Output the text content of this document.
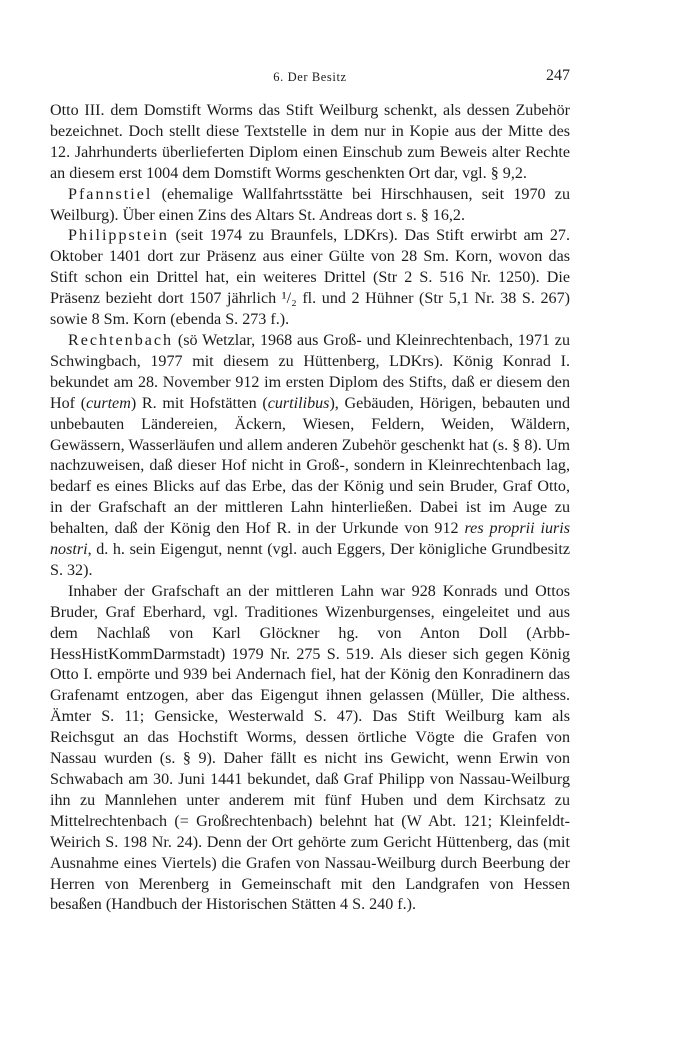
6. Der Besitz	247

Otto III. dem Domstift Worms das Stift Weilburg schenkt, als dessen Zubehör bezeichnet. Doch stellt diese Textstelle in dem nur in Kopie aus der Mitte des 12. Jahrhunderts überlieferten Diplom einen Einschub zum Beweis alter Rechte an diesem erst 1004 dem Domstift Worms geschenkten Ort dar, vgl. § 9,2.

Pfannstiel (ehemalige Wallfahrtsstätte bei Hirschhausen, seit 1970 zu Weilburg). Über einen Zins des Altars St. Andreas dort s. § 16,2.

Philippstein (seit 1974 zu Braunfels, LDKrs). Das Stift erwirbt am 27. Oktober 1401 dort zur Präsenz aus einer Gülte von 28 Sm. Korn, wovon das Stift schon ein Drittel hat, ein weiteres Drittel (Str 2 S. 516 Nr. 1250). Die Präsenz bezieht dort 1507 jährlich ¹/₂ fl. und 2 Hühner (Str 5,1 Nr. 38 S. 267) sowie 8 Sm. Korn (ebenda S. 273 f.).

Rechtenbach (sö Wetzlar, 1968 aus Groß- und Kleinrechtenbach, 1971 zu Schwingbach, 1977 mit diesem zu Hüttenberg, LDKrs). König Konrad I. bekundet am 28. November 912 im ersten Diplom des Stifts, daß er diesem den Hof (curtem) R. mit Hofstätten (curtilibus), Gebäuden, Hörigen, bebauten und unbebauten Ländereien, Äckern, Wiesen, Feldern, Weiden, Wäldern, Gewässern, Wasserläufen und allem anderen Zubehör geschenkt hat (s. § 8). Um nachzuweisen, daß dieser Hof nicht in Groß-, sondern in Kleinrechtenbach lag, bedarf es eines Blicks auf das Erbe, das der König und sein Bruder, Graf Otto, in der Grafschaft an der mittleren Lahn hinterließen. Dabei ist im Auge zu behalten, daß der König den Hof R. in der Urkunde von 912 res proprii iuris nostri, d. h. sein Eigengut, nennt (vgl. auch Eggers, Der königliche Grundbesitz S. 32).

Inhaber der Grafschaft an der mittleren Lahn war 928 Konrads und Ottos Bruder, Graf Eberhard, vgl. Traditiones Wizenburgenses, eingeleitet und aus dem Nachlaß von Karl Glöckner hg. von Anton Doll (Arbb-HessHistKommDarmstadt) 1979 Nr. 275 S. 519. Als dieser sich gegen König Otto I. empörte und 939 bei Andernach fiel, hat der König den Konradinern das Grafenamt entzogen, aber das Eigengut ihnen gelassen (Müller, Die althess. Ämter S. 11; Gensicke, Westerwald S. 47). Das Stift Weilburg kam als Reichsgut an das Hochstift Worms, dessen örtliche Vögte die Grafen von Nassau wurden (s. § 9). Daher fällt es nicht ins Gewicht, wenn Erwin von Schwabach am 30. Juni 1441 bekundet, daß Graf Philipp von Nassau-Weilburg ihn zu Mannlehen unter anderem mit fünf Huben und dem Kirchsatz zu Mittelrechtenbach (= Großrechtenbach) belehnt hat (W Abt. 121; Kleinfeldt-Weirich S. 198 Nr. 24). Denn der Ort gehörte zum Gericht Hüttenberg, das (mit Ausnahme eines Viertels) die Grafen von Nassau-Weilburg durch Beerbung der Herren von Merenberg in Gemeinschaft mit den Landgrafen von Hessen besaßen (Handbuch der Historischen Stätten 4 S. 240 f.).
